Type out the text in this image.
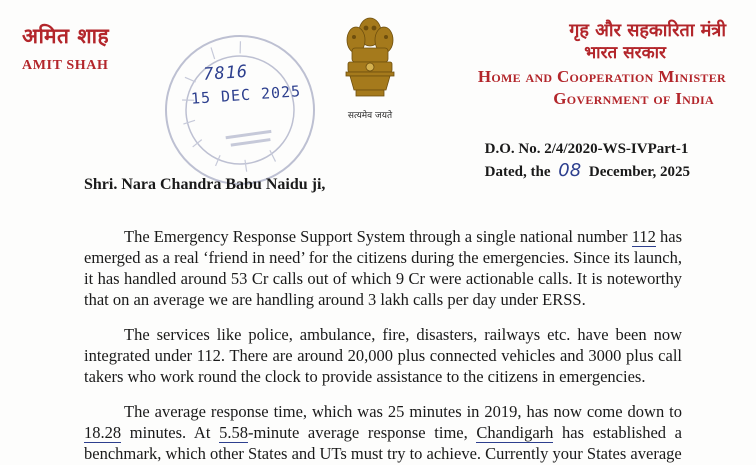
अमित शाह
AMIT SHAH	7816
15 DEC 2025
सत्यमेव जयते
गृह और सहकारिता मंत्री
भारत सरकार
Home and Cooperation Minister
Government of India
D.O. No. 2/4/2020-WS-IVPart-1
Dated, the 08 December, 2025
Shri. Nara Chandra Babu Naidu ji,

The Emergency Response Support System through a single national number 112 has emerged as a real ‘friend in need’ for the citizens during the emergencies. Since its launch, it has handled around 53 Cr calls out of which 9 Cr were actionable calls. It is noteworthy that on an average we are handling around 3 lakh calls per day under ERSS.

The services like police, ambulance, fire, disasters, railways etc. have been now integrated under 112. There are around 20,000 plus connected vehicles and 3000 plus call takers who work round the clock to provide assistance to the citizens in emergencies.

The average response time, which was 25 minutes in 2019, has now come down to 18.28 minutes. At 5.58-minute average response time, Chandigarh has established a benchmark, which other States and UTs must try to achieve. Currently your States average
